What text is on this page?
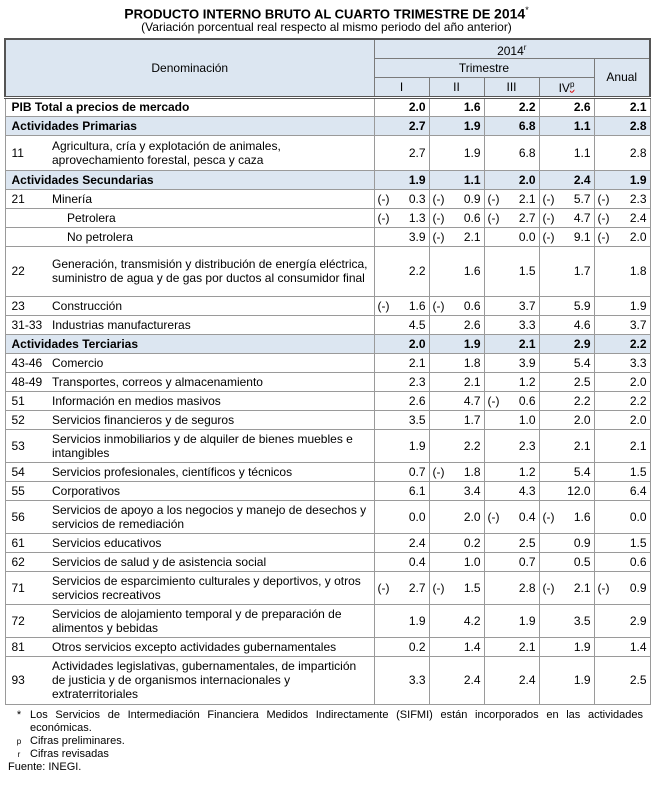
PRODUCTO INTERNO BRUTO AL CUARTO TRIMESTRE DE 2014*
(Variación porcentual real respecto al mismo periodo del año anterior)
Denominación		2014$^r$
		Trimestre				Anual
		I	II	III	$IV^p$
PIB Total a precios de mercado		2.0	1.6	2.2	2.6	2.1
Actividades Primarias		2.7	1.9	6.8	1.1	2.8
11	Agricultura, cría y explotación de animales, aprovechamiento forestal, pesca y caza	2.7	1.9	6.8	1.1	2.8
Actividades Secundarias		1.9	1.1	2.0	2.4	1.9
21	Minería	(-) 0.3	(-) 0.9	(-) 2.1	(-) 5.7	(-) 2.3
	Petrolera	(-) 1.3	(-) 0.6	(-) 2.7	(-) 4.7	(-) 2.4
	No petrolera	3.9	(-) 2.1	0.0	(-) 9.1	(-) 2.0
22	Generación, transmisión y distribución de energía eléctrica, suministro de agua y de gas por ductos al consumidor final	2.2	1.6	1.5	1.7	1.8
23	Construcción	(-) 1.6	(-) 0.6	3.7	5.9	1.9
31-33	Industrias manufactureras	4.5	2.6	3.3	4.6	3.7
Actividades Terciarias		2.0	1.9	2.1	2.9	2.2
43-46	Comercio	2.1	1.8	3.9	5.4	3.3
48-49	Transportes, correos y almacenamiento	2.3	2.1	1.2	2.5	2.0
51	Información en medios masivos	2.6	4.7	(-) 0.6	2.2	2.2
52	Servicios financieros y de seguros	3.5	1.7	1.0	2.0	2.0
53	Servicios inmobiliarios y de alquiler de bienes muebles e intangibles	1.9	2.2	2.3	2.1	2.1
54	Servicios profesionales, científicos y técnicos	0.7	(-) 1.8	1.2	5.4	1.5
55	Corporativos	6.1	3.4	4.3	12.0	6.4
56	Servicios de apoyo a los negocios y manejo de desechos y servicios de remediación	0.0	2.0	(-) 0.4	(-) 1.6	0.0
61	Servicios educativos	2.4	0.2	2.5	0.9	1.5
62	Servicios de salud y de asistencia social	0.4	1.0	0.7	0.5	0.6
71	Servicios de esparcimiento culturales y deportivos, y otros servicios recreativos	(-) 2.7	(-) 1.5	2.8	(-) 2.1	(-) 0.9
72	Servicios de alojamiento temporal y de preparación de alimentos y bebidas	1.9	4.2	1.9	3.5	2.9
81	Otros servicios excepto actividades gubernamentales	0.2	1.4	2.1	1.9	1.4
93	Actividades legislativas, gubernamentales, de impartición de justicia y de organismos internacionales y extraterritoriales	3.3	2.4	2.4	1.9	2.5
* Los Servicios de Intermediación Financiera Medidos Indirectamente (SIFMI) están incorporados en las actividades económicas.
p Cifras preliminares.
r Cifras revisadas
Fuente: INEGI.
